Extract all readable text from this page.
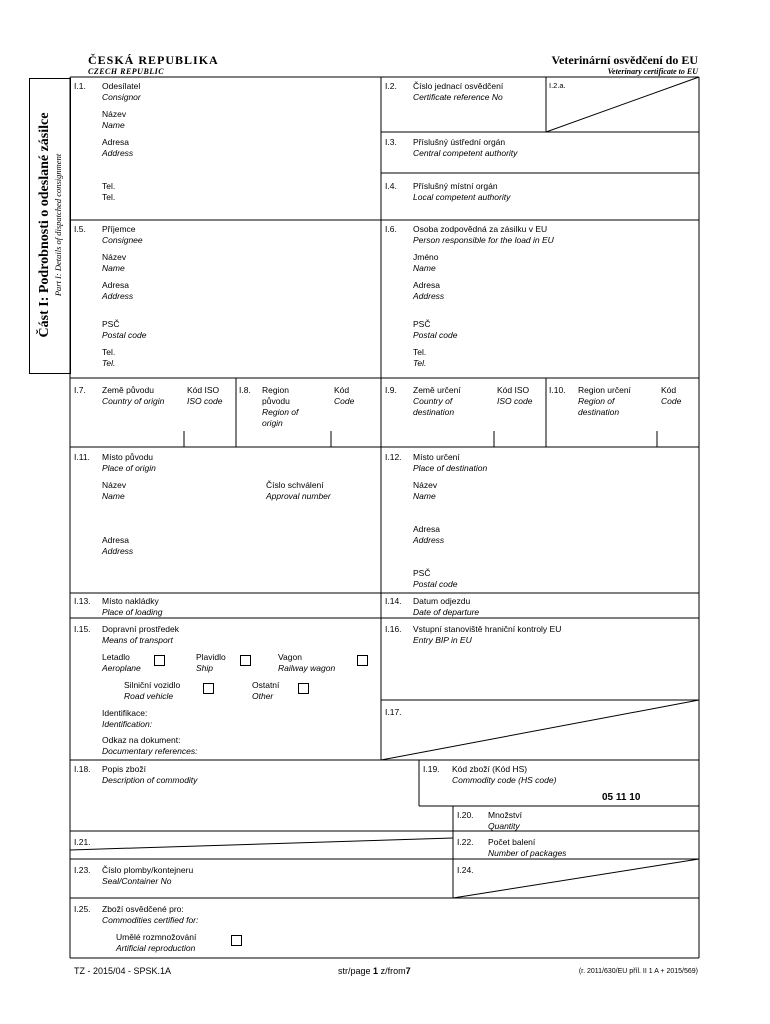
ČESKÁ REPUBLIKA
CZECH REPUBLIC
Veterinární osvědčení do EU
Veterinary certificate to EU
Část I: Podrobnosti o odeslané zásilce Part I: Details of dispatched consignment
I.1. Odesílatel
Consignor
Název
Name
Adresa
Address
Tel.
Tel.
I.2. Číslo jednací osvědčení
Certificate reference No
I.2.a.
I.3. Příslušný ústřední orgán
Central competent authority
I.4. Příslušný místní orgán
Local competent authority
I.5. Příjemce
Consignee
Název
Name
Adresa
Address
PSČ
Postal code
Tel.
Tel.
I.6. Osoba zodpovědná za zásilku v EU
Person responsible for the load in EU
Jméno
Name
Adresa
Address
PSČ
Postal code
Tel.
Tel.
I.7. Země původu
Country of origin
Kód ISO
ISO code
I.8. Region
původu
Region of
origin
Kód
Code
I.9. Země určení
Country of
destination
Kód ISO
ISO code
I.10. Region určení
Region of
destination
Kód
Code
I.11. Místo původu
Place of origin
Název
Name
Číslo schválení
Approval number
Adresa
Address
I.12. Místo určení
Place of destination
Název
Name
Adresa
Address
PSČ
Postal code
I.13. Místo nakládky
Place of loading
I.14. Datum odjezdu
Date of departure
I.15. Dopravní prostředek
Means of transport
Letadlo
Aeroplane
Plavidlo
Ship
Vagon
Railway wagon
Silniční vozidlo
Road vehicle
Ostatní
Other
Identifikace:
Identification:
Odkaz na dokument:
Documentary references:
I.16. Vstupní stanoviště hraniční kontroly EU
Entry BIP in EU
I.17.
I.18. Popis zboží
Description of commodity
I.19. Kód zboží (Kód HS)
Commodity code (HS code)
05 11 10
I.20. Množství
Quantity
I.21.	I.22. Počet balení
Number of packages
I.23. Číslo plomby/kontejneru
Seal/Container No
I.24.
I.25. Zboží osvědčené pro:
Commodities certified for:
Umělé rozmnožování
Artificial reproduction
TZ - 2015/04 - SPSK.1A	str/page 1 z/from7	(r. 2011/630/EU příl. II 1 A + 2015/569)
